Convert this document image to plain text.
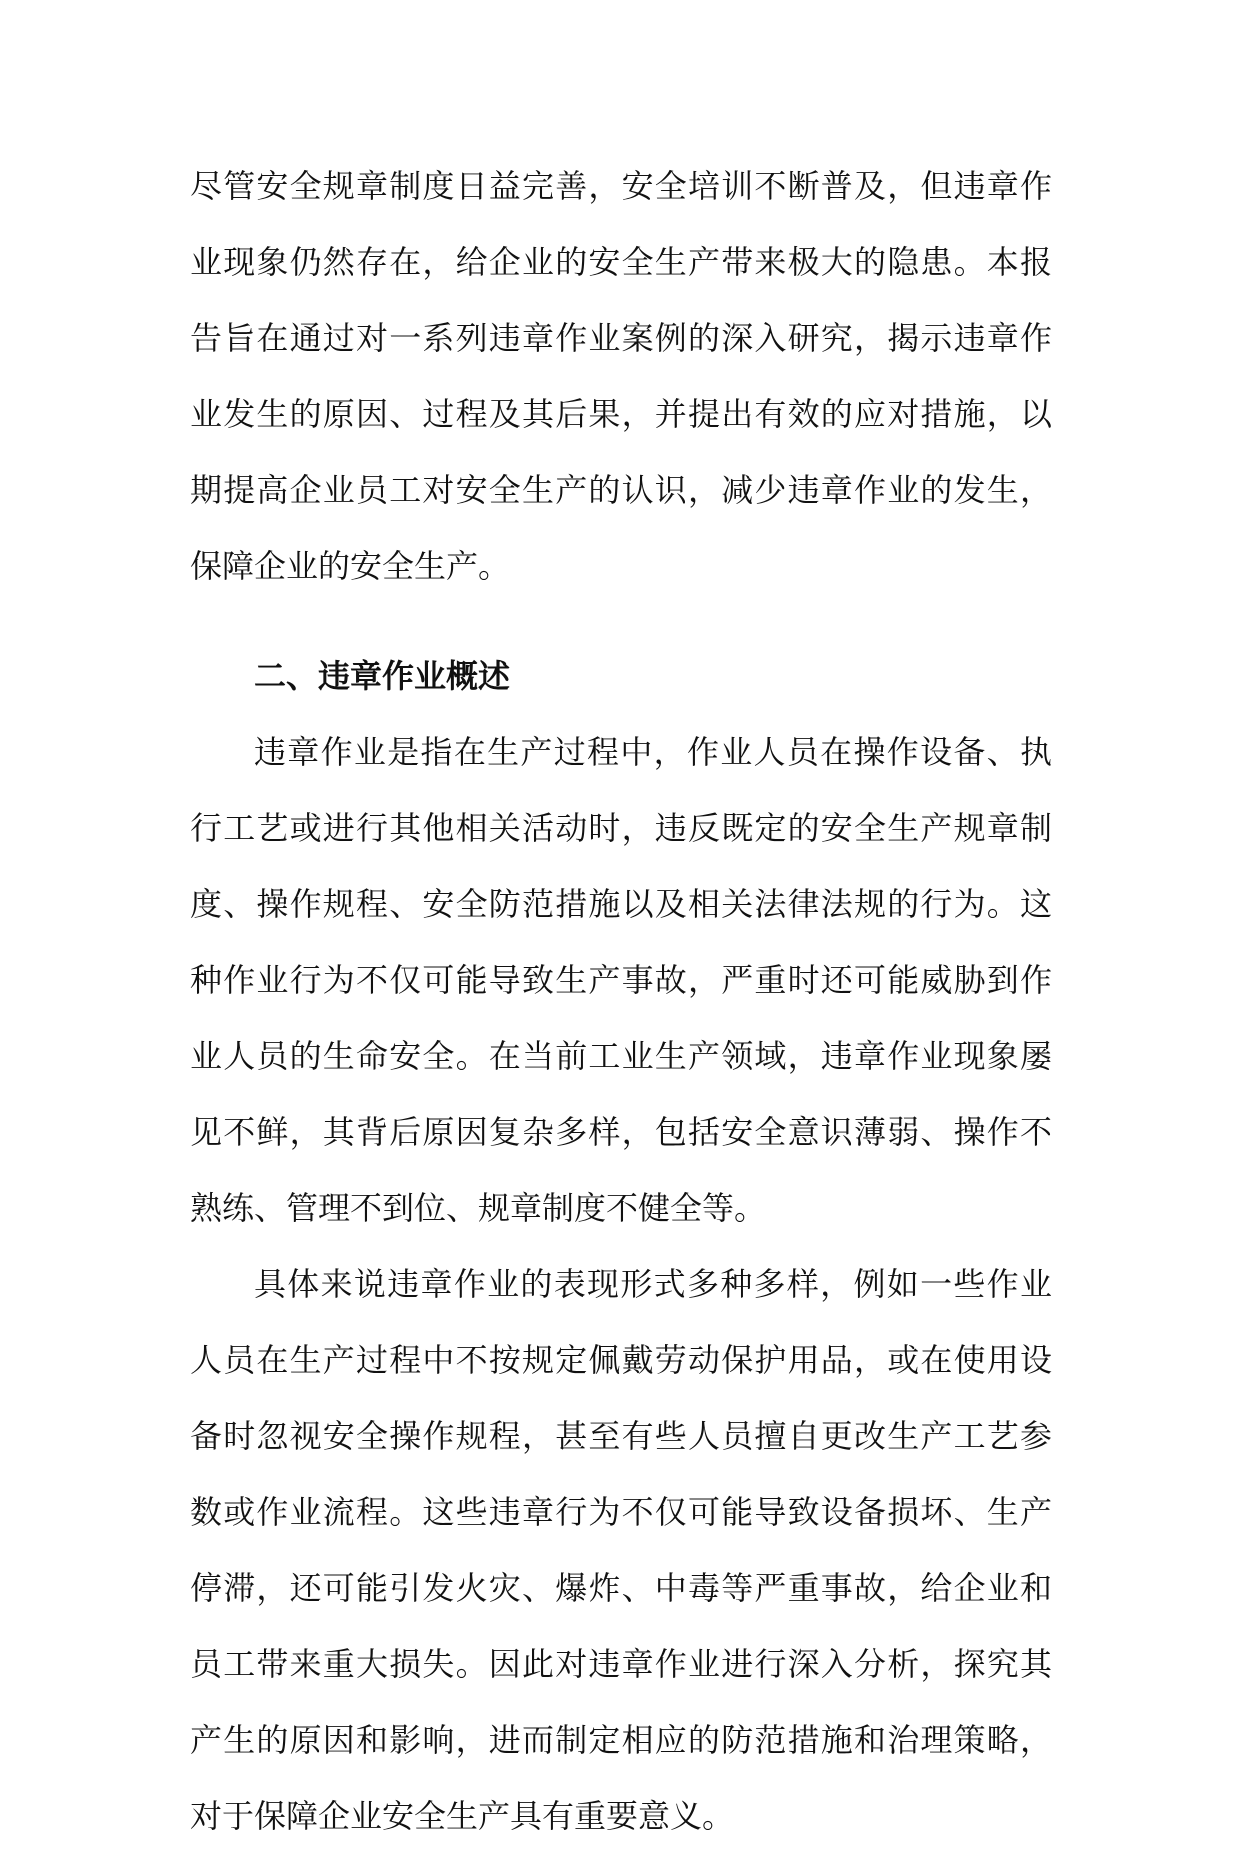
尽管安全规章制度日益完善，安全培训不断普及，但违章作业现象仍然存在，给企业的安全生产带来极大的隐患。本报告旨在通过对一系列违章作业案例的深入研究，揭示违章作业发生的原因、过程及其后果，并提出有效的应对措施，以期提高企业员工对安全生产的认识，减少违章作业的发生，保障企业的安全生产。

二、违章作业概述

违章作业是指在生产过程中，作业人员在操作设备、执行工艺或进行其他相关活动时，违反既定的安全生产规章制度、操作规程、安全防范措施以及相关法律法规的行为。这种作业行为不仅可能导致生产事故，严重时还可能威胁到作业人员的生命安全。在当前工业生产领域，违章作业现象屡见不鲜，其背后原因复杂多样，包括安全意识薄弱、操作不熟练、管理不到位、规章制度不健全等。

具体来说违章作业的表现形式多种多样，例如一些作业人员在生产过程中不按规定佩戴劳动保护用品，或在使用设备时忽视安全操作规程，甚至有些人员擅自更改生产工艺参数或作业流程。这些违章行为不仅可能导致设备损坏、生产停滞，还可能引发火灾、爆炸、中毒等严重事故，给企业和员工带来重大损失。因此对违章作业进行深入分析，探究其产生的原因和影响，进而制定相应的防范措施和治理策略，对于保障企业安全生产具有重要意义。
